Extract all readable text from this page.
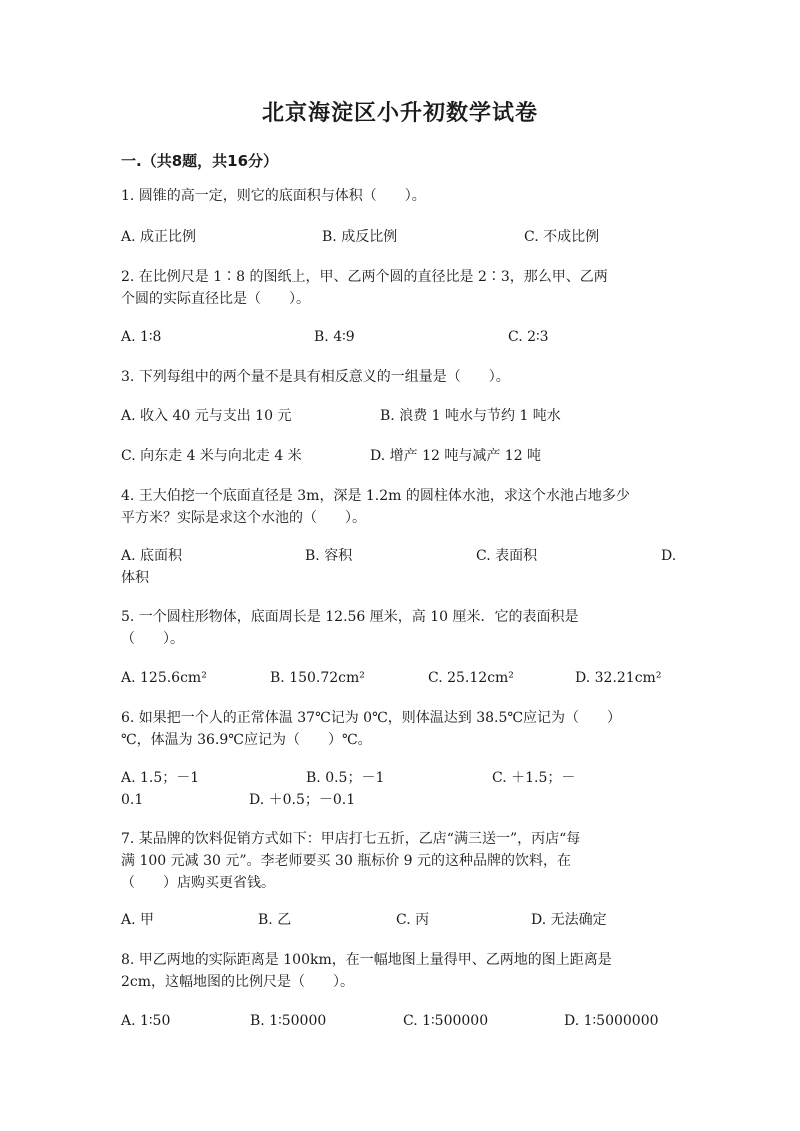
北京海淀区小升初数学试卷
一.（共8题，共16分）
1. 圆锥的高一定，则它的底面积与体积（　　）。
A. 成正比例	B. 成反比例	C. 不成比例
2. 在比例尺是 1∶8 的图纸上，甲、乙两个圆的直径比是 2∶3，那么甲、乙两
个圆的实际直径比是（　　）。
A. 1∶8	B. 4∶9	C. 2∶3
3. 下列每组中的两个量不是具有相反意义的一组量是（　　）。
A. 收入 40 元与支出 10 元	B. 浪费 1 吨水与节约 1 吨水
C. 向东走 4 米与向北走 4 米	D. 增产 12 吨与减产 12 吨
4. 王大伯挖一个底面直径是 3m，深是 1.2m 的圆柱体水池，求这个水池占地多少
平方米？实际是求这个水池的（　　）。
A. 底面积	B. 容积	C. 表面积	D.
体积
5. 一个圆柱形物体，底面周长是 12.56 厘米，高 10 厘米．它的表面积是
（　　）。
A. 125.6cm²	B. 150.72cm²	C. 25.12cm²	D. 32.21cm²
6. 如果把一个人的正常体温 37℃记为 0℃，则体温达到 38.5℃应记为（　　）
℃，体温为 36.9℃应记为（　　）℃。
A. 1.5；－1	B. 0.5；－1	C. ＋1.5；－
0.1	D. ＋0.5；－0.1
7. 某品牌的饮料促销方式如下：甲店打七五折，乙店“满三送一”，丙店“每
满 100 元减 30 元”。李老师要买 30 瓶标价 9 元的这种品牌的饮料，在
（　　）店购买更省钱。
A. 甲	B. 乙	C. 丙	D. 无法确定
8. 甲乙两地的实际距离是 100km，在一幅地图上量得甲、乙两地的图上距离是
2cm，这幅地图的比例尺是（　　）。
A. 1∶50	B. 1∶50000	C. 1∶500000	D. 1∶5000000
